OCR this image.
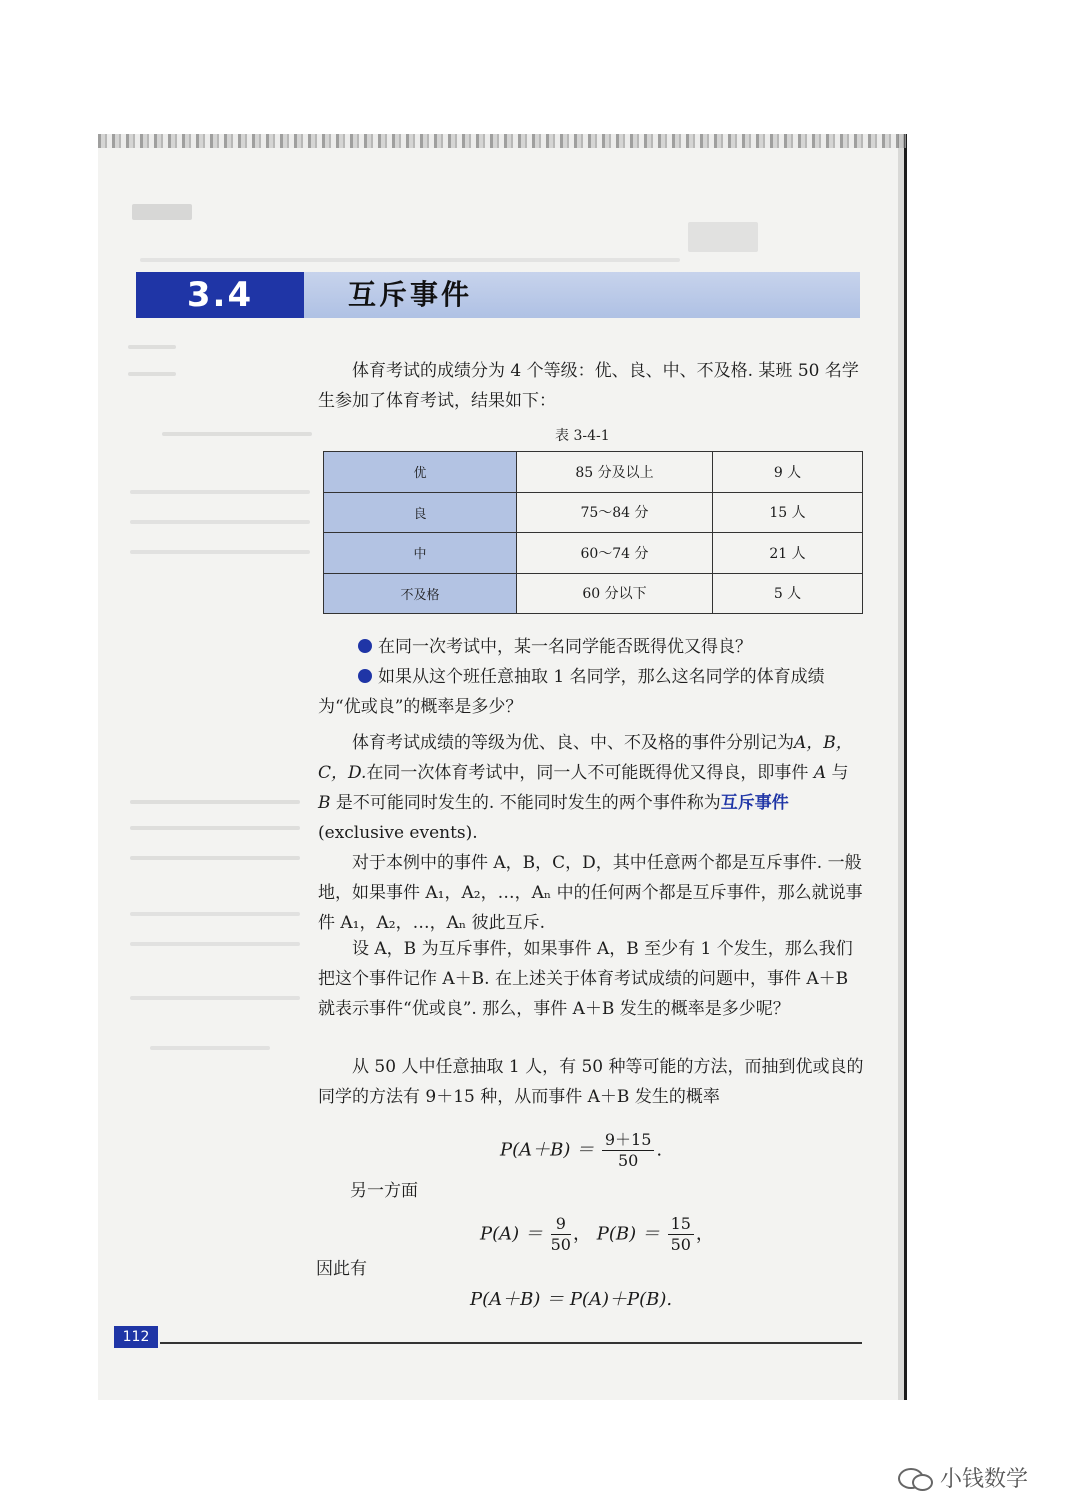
3.4	互斥事件
体育考试的成绩分为 4 个等级：优、良、中、不及格. 某班 50 名学生参加了体育考试，结果如下：
表 3-4-1
优	85 分及以上	9 人
良	75～84 分	15 人
中	60～74 分	21 人
不及格	60 分以下	5 人
在同一次考试中，某一名同学能否既得优又得良？
如果从这个班任意抽取 1 名同学，那么这名同学的体育成绩为“优或良”的概率是多少？
体育考试成绩的等级为优、良、中、不及格的事件分别记为A，B，C，D.在同一次体育考试中，同一人不可能既得优又得良，即事件 A 与 B 是不可能同时发生的. 不能同时发生的两个事件称为互斥事件(exclusive events).
对于本例中的事件 A，B，C，D，其中任意两个都是互斥事件. 一般地，如果事件 A₁，A₂，…，Aₙ 中的任何两个都是互斥事件，那么就说事件 A₁，A₂，…，Aₙ 彼此互斥.
设 A，B 为互斥事件，如果事件 A，B 至少有 1 个发生，那么我们把这个事件记作 A＋B. 在上述关于体育考试成绩的问题中，事件 A＋B 就表示事件“优或良”. 那么，事件 A＋B 发生的概率是多少呢？
从 50 人中任意抽取 1 人，有 50 种等可能的方法，而抽到优或良的同学的方法有 9＋15 种，从而事件 A＋B 发生的概率
$P(A+B) = \frac{9+15}{50}$ .
另一方面
$P(A) = \frac{9}{50}$ ， $P(B) = \frac{15}{50}$ ，
因此有
P(A＋B) ＝ P(A)＋P(B).
112
小钱数学
